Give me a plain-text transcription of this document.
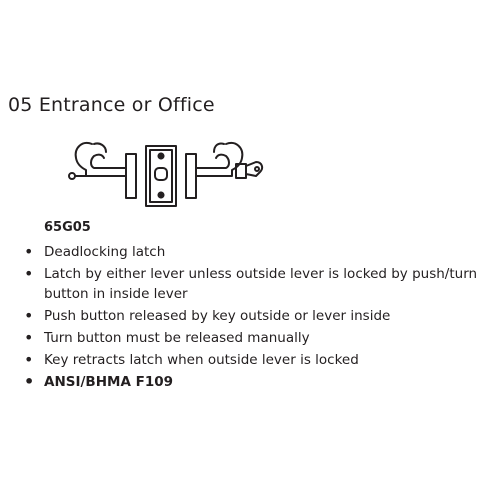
05 Entrance or Office
65G05
• Deadlocking latch
• Latch by either lever unless outside lever is locked by push/turn button in inside lever
• Push button released by key outside or lever inside
• Turn button must be released manually
• Key retracts latch when outside lever is locked
• ANSI/BHMA F109
